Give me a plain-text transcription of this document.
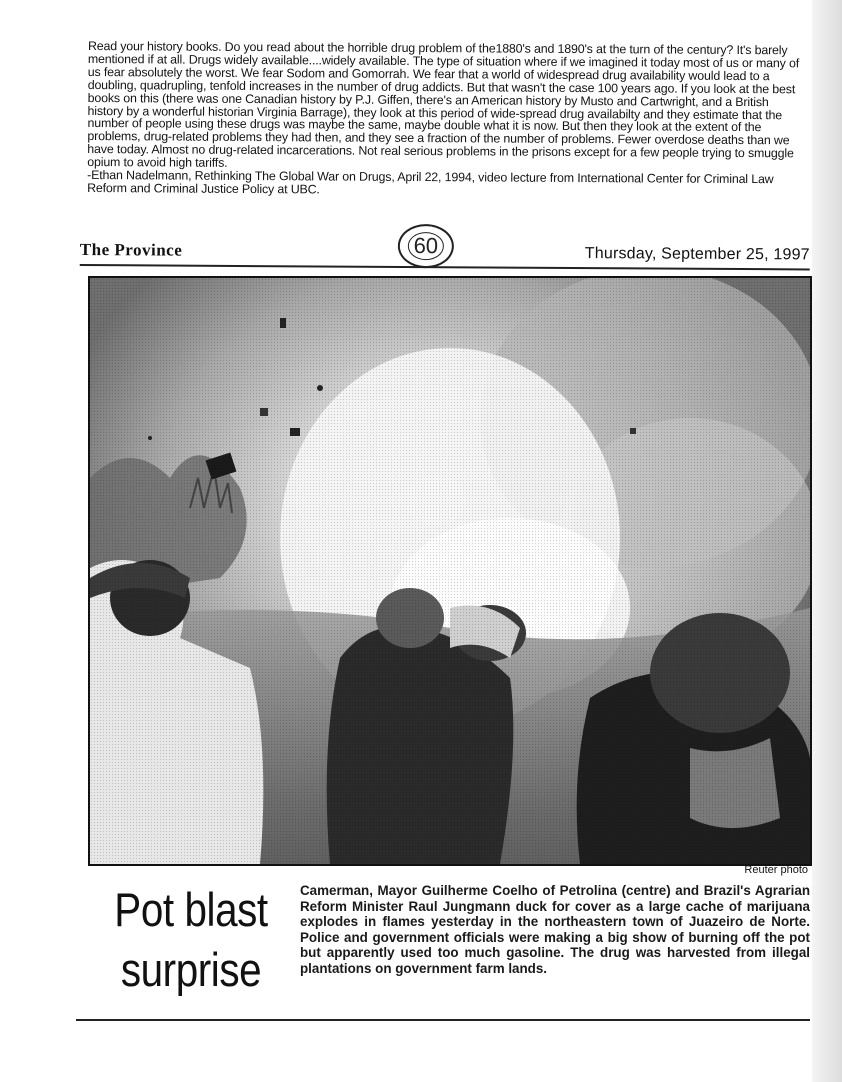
Read your history books. Do you read about the horrible drug problem of the1880's and 1890's at the turn of the century? It's barely mentioned if at all. Drugs widely available....widely available. The type of situation where if we imagined it today most of us or many of us fear absolutely the worst. We fear Sodom and Gomorrah. We fear that a world of widespread drug availability would lead to a doubling, quadrupling, tenfold increases in the number of drug addicts. But that wasn't the case 100 years ago. If you look at the best books on this (there was one Canadian history by P.J. Giffen, there's an American history by Musto and Cartwright, and a British history by a wonderful historian Virginia Barrage), they look at this period of wide-spread drug availabilty and they estimate that the number of people using these drugs was maybe the same, maybe double what it is now. But then they look at the extent of the problems, drug-related problems they had then, and they see a fraction of the number of problems. Fewer overdose deaths than we have today. Almost no drug-related incarcerations. Not real serious problems in the prisons except for a few people trying to smuggle opium to avoid high tariffs.

-Ethan Nadelmann, Rethinking The Global War on Drugs, April 22, 1994, video lecture from International Center for Criminal Law Reform and Criminal Justice Policy at UBC.

The Province	60	Thursday, September 25, 1997
Reuter photo
Pot blast
surprise
Camerman, Mayor Guilherme Coelho of Petrolina (centre) and Brazil's Agrarian Reform Minister Raul Jungmann duck for cover as a large cache of marijuana explodes in flames yesterday in the northeastern town of Juazeiro de Norte. Police and government officials were making a big show of burning off the pot but apparently used too much gasoline. The drug was harvested from illegal plantations on government farm lands.
